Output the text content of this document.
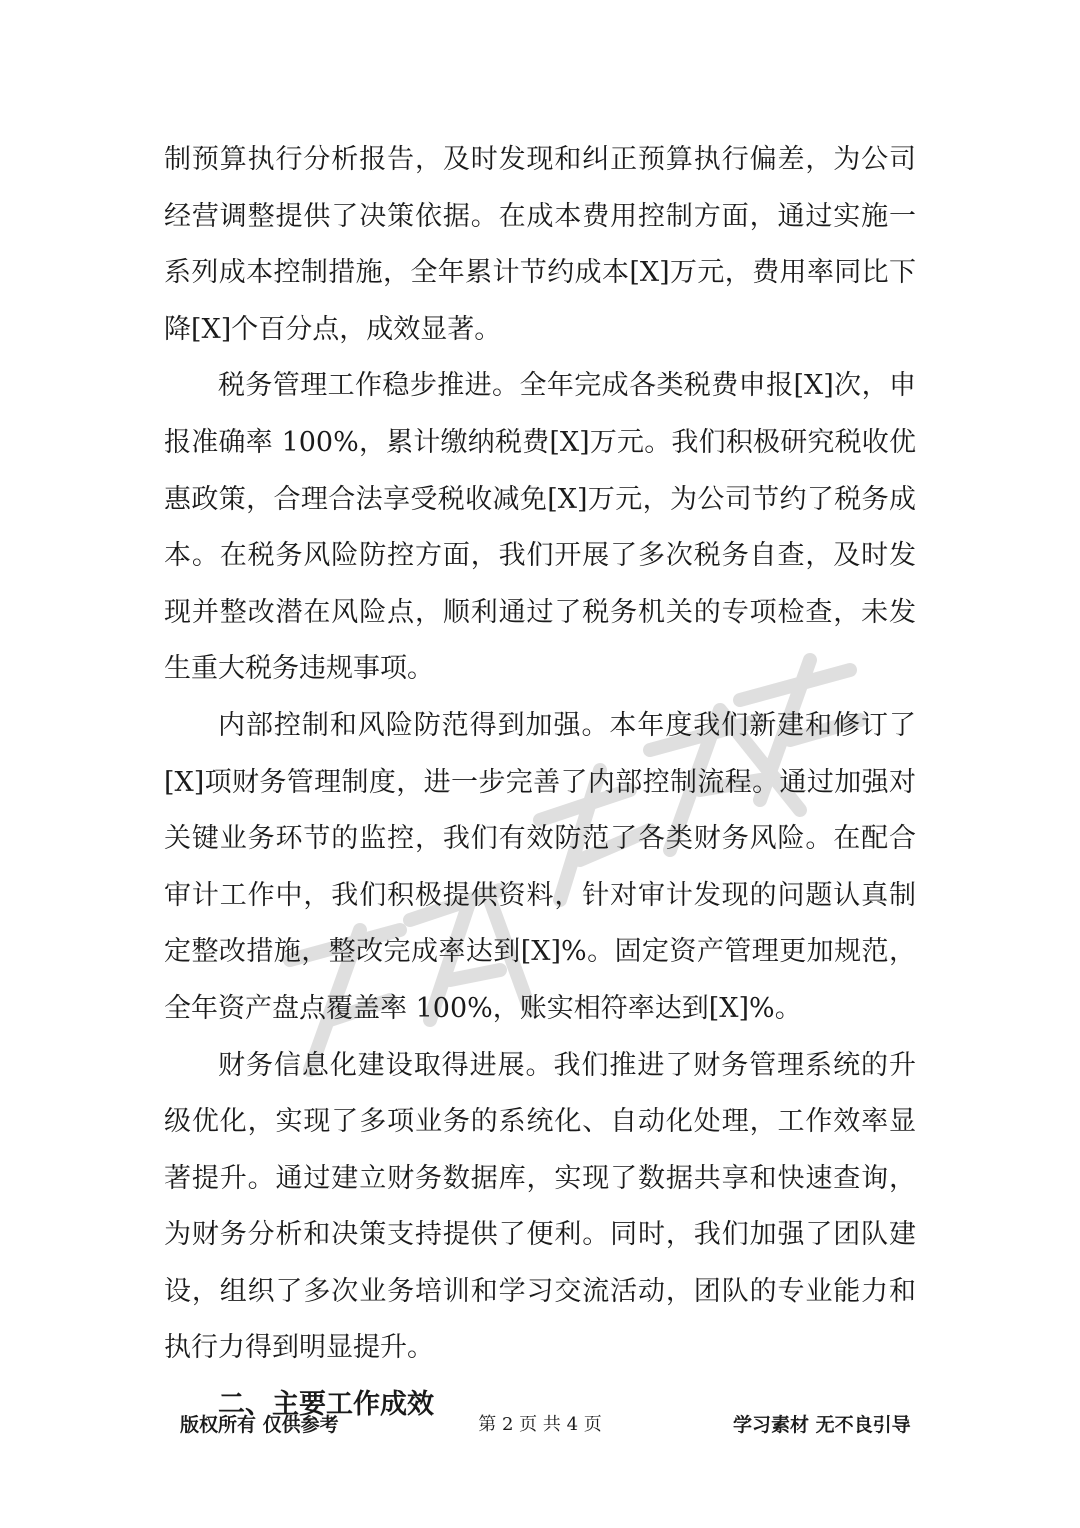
制预算执行分析报告，及时发现和纠正预算执行偏差，为公司经营调整提供了决策依据。在成本费用控制方面，通过实施一系列成本控制措施，全年累计节约成本[X]万元，费用率同比下降[X]个百分点，成效显著。

税务管理工作稳步推进。全年完成各类税费申报[X]次，申报准确率 100%，累计缴纳税费[X]万元。我们积极研究税收优惠政策，合理合法享受税收减免[X]万元，为公司节约了税务成本。在税务风险防控方面，我们开展了多次税务自查，及时发现并整改潜在风险点，顺利通过了税务机关的专项检查，未发生重大税务违规事项。

内部控制和风险防范得到加强。本年度我们新建和修订了[X]项财务管理制度，进一步完善了内部控制流程。通过加强对关键业务环节的监控，我们有效防范了各类财务风险。在配合审计工作中，我们积极提供资料，针对审计发现的问题认真制定整改措施，整改完成率达到[X]%。固定资产管理更加规范，全年资产盘点覆盖率 100%，账实相符率达到[X]%。

财务信息化建设取得进展。我们推进了财务管理系统的升级优化，实现了多项业务的系统化、自动化处理，工作效率显著提升。通过建立财务数据库，实现了数据共享和快速查询，为财务分析和决策支持提供了便利。同时，我们加强了团队建设，组织了多次业务培训和学习交流活动，团队的专业能力和执行力得到明显提升。

二、主要工作成效

版权所有 仅供参考	第 2 页 共 4 页	学习素材 无不良引导
